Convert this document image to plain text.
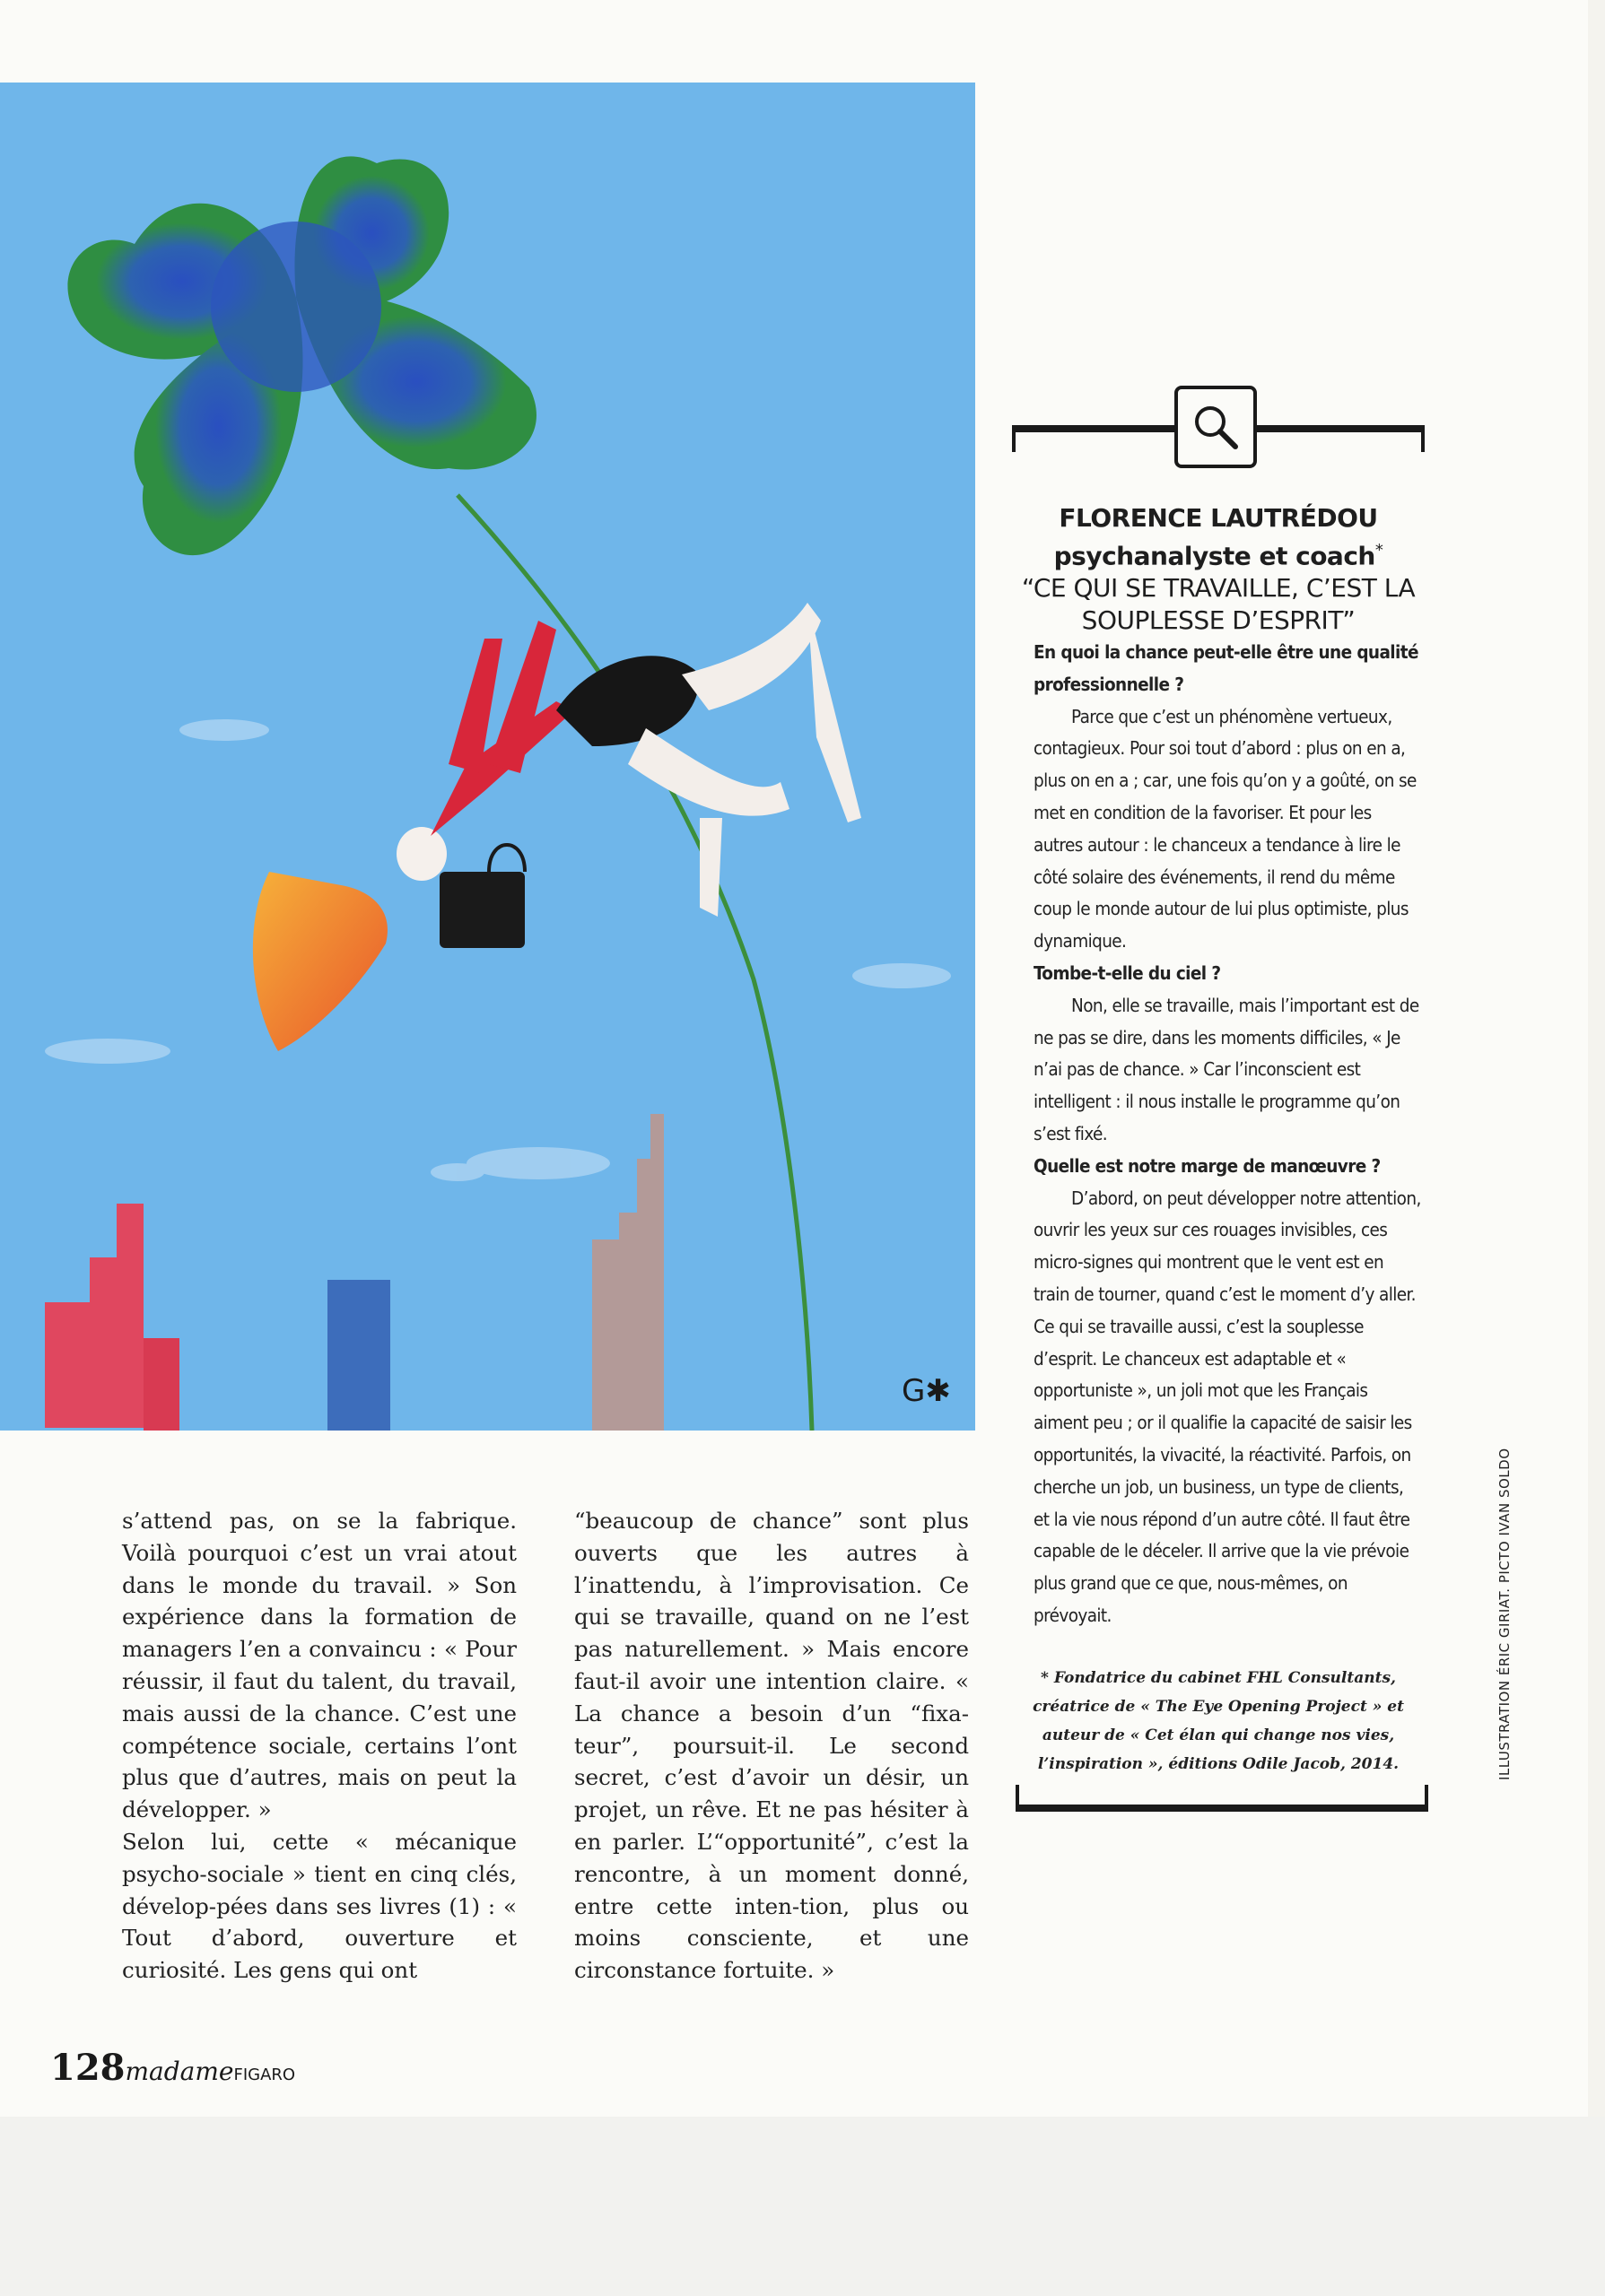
G✱

s’attend pas, on se la fabrique. Voilà pourquoi c’est un vrai atout dans le monde du travail. » Son expérience dans la formation de managers l’en a convaincu : « Pour réussir, il faut du talent, du travail, mais aussi de la chance. C’est une compétence sociale, certains l’ont plus que d’autres, mais on peut la développer. »

Selon lui, cette « mécanique psycho-sociale » tient en cinq clés, dévelop-pées dans ses livres (1) : « Tout d’abord, ouverture et curiosité. Les gens qui ont

“beaucoup de chance” sont plus ouverts que les autres à l’inattendu, à l’improvisation. Ce qui se travaille, quand on ne l’est pas naturellement. » Mais encore faut-il avoir une intention claire. « La chance a besoin d’un “fixa-teur”, poursuit-il. Le second secret, c’est d’avoir un désir, un projet, un rêve. Et ne pas hésiter à en parler. L’“opportunité”, c’est la rencontre, à un moment donné, entre cette inten-tion, plus ou moins consciente, et une circonstance fortuite. »

FLORENCE LAUTRÉDOU
psychanalyste et coach*
“CE QUI SE TRAVAILLE, C’EST LA SOUPLESSE D’ESPRIT”

En quoi la chance peut-elle être une qualité professionnelle ?

Parce que c’est un phénomène vertueux, contagieux. Pour soi tout d’abord : plus on en a, plus on en a ; car, une fois qu’on y a goûté, on se met en condition de la favoriser. Et pour les autres autour : le chanceux a tendance à lire le côté solaire des événements, il rend du même coup le monde autour de lui plus optimiste, plus dynamique.

Tombe-t-elle du ciel ?

Non, elle se travaille, mais l’important est de ne pas se dire, dans les moments difficiles, « Je n’ai pas de chance. » Car l’inconscient est intelligent : il nous installe le programme qu’on s’est fixé.

Quelle est notre marge de manœuvre ?

D’abord, on peut développer notre attention, ouvrir les yeux sur ces rouages invisibles, ces micro-signes qui montrent que le vent est en train de tourner, quand c’est le moment d’y aller. Ce qui se travaille aussi, c’est la souplesse d’esprit. Le chanceux est adaptable et « opportuniste », un joli mot que les Français aiment peu ; or il qualifie la capacité de saisir les opportunités, la vivacité, la réactivité. Parfois, on cherche un job, un business, un type de clients, et la vie nous répond d’un autre côté. Il faut être capable de le déceler. Il arrive que la vie prévoie plus grand que ce que, nous-mêmes, on prévoyait.

* Fondatrice du cabinet FHL Consultants, créatrice de « The Eye Opening Project » et auteur de « Cet élan qui change nos vies, l’inspiration », éditions Odile Jacob, 2014.	ILLUSTRATION ÉRIC GIRIAT. PICTO IVAN SOLDO
128madameFIGARO
